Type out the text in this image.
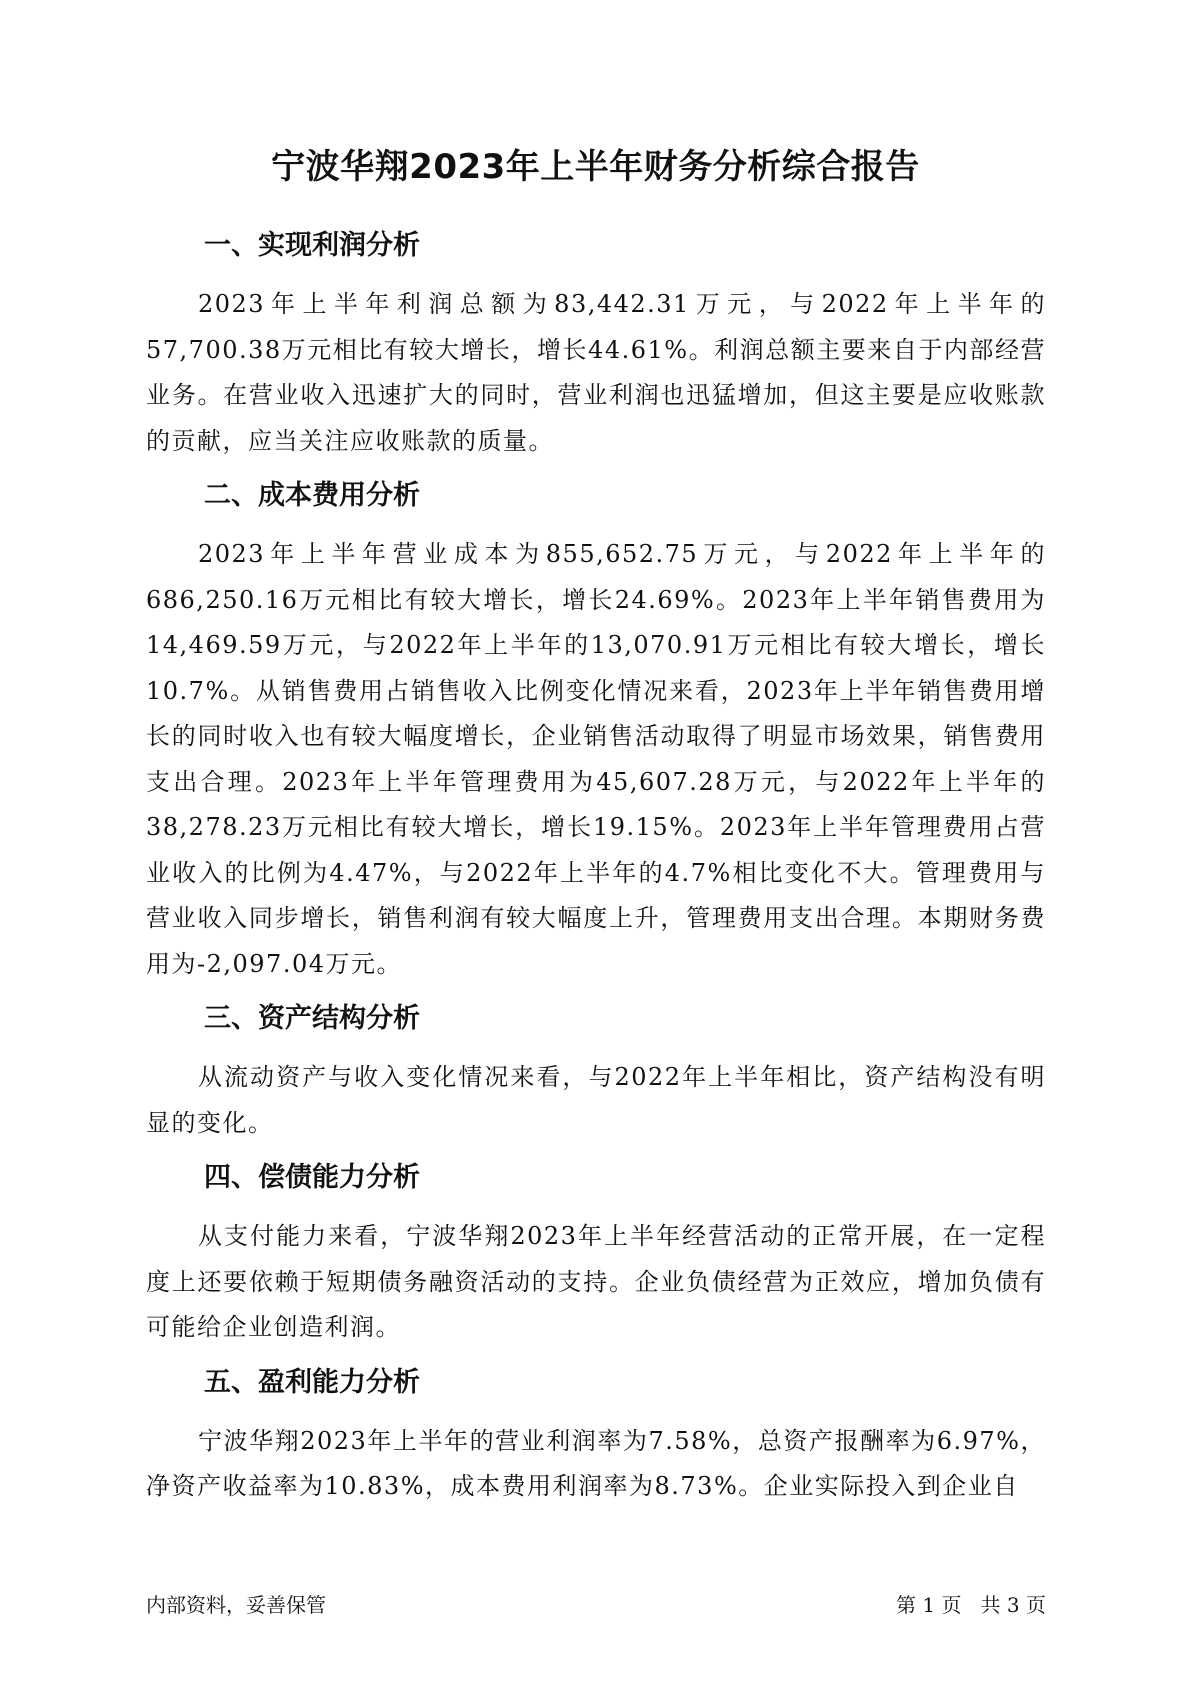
宁波华翔2023年上半年财务分析综合报告
一、实现利润分析

2023年上半年利润总额为83,442.31万元，与2022年上半年的57,700.38万元相比有较大增长，增长44.61%。利润总额主要来自于内部经营业务。在营业收入迅速扩大的同时，营业利润也迅猛增加，但这主要是应收账款的贡献，应当关注应收账款的质量。

二、成本费用分析

2023年上半年营业成本为855,652.75万元，与2022年上半年的686,250.16万元相比有较大增长，增长24.69%。2023年上半年销售费用为14,469.59万元，与2022年上半年的13,070.91万元相比有较大增长，增长10.7%。从销售费用占销售收入比例变化情况来看，2023年上半年销售费用增长的同时收入也有较大幅度增长，企业销售活动取得了明显市场效果，销售费用支出合理。2023年上半年管理费用为45,607.28万元，与2022年上半年的38,278.23万元相比有较大增长，增长19.15%。2023年上半年管理费用占营业收入的比例为4.47%，与2022年上半年的4.7%相比变化不大。管理费用与营业收入同步增长，销售利润有较大幅度上升，管理费用支出合理。本期财务费用为-2,097.04万元。

三、资产结构分析

从流动资产与收入变化情况来看，与2022年上半年相比，资产结构没有明显的变化。

四、偿债能力分析

从支付能力来看，宁波华翔2023年上半年经营活动的正常开展，在一定程度上还要依赖于短期债务融资活动的支持。企业负债经营为正效应，增加负债有可能给企业创造利润。

五、盈利能力分析

宁波华翔2023年上半年的营业利润率为7.58%，总资产报酬率为6.97%，净资产收益率为10.83%，成本费用利润率为8.73%。企业实际投入到企业自

内部资料，妥善保管	第 1 页   共 3 页
